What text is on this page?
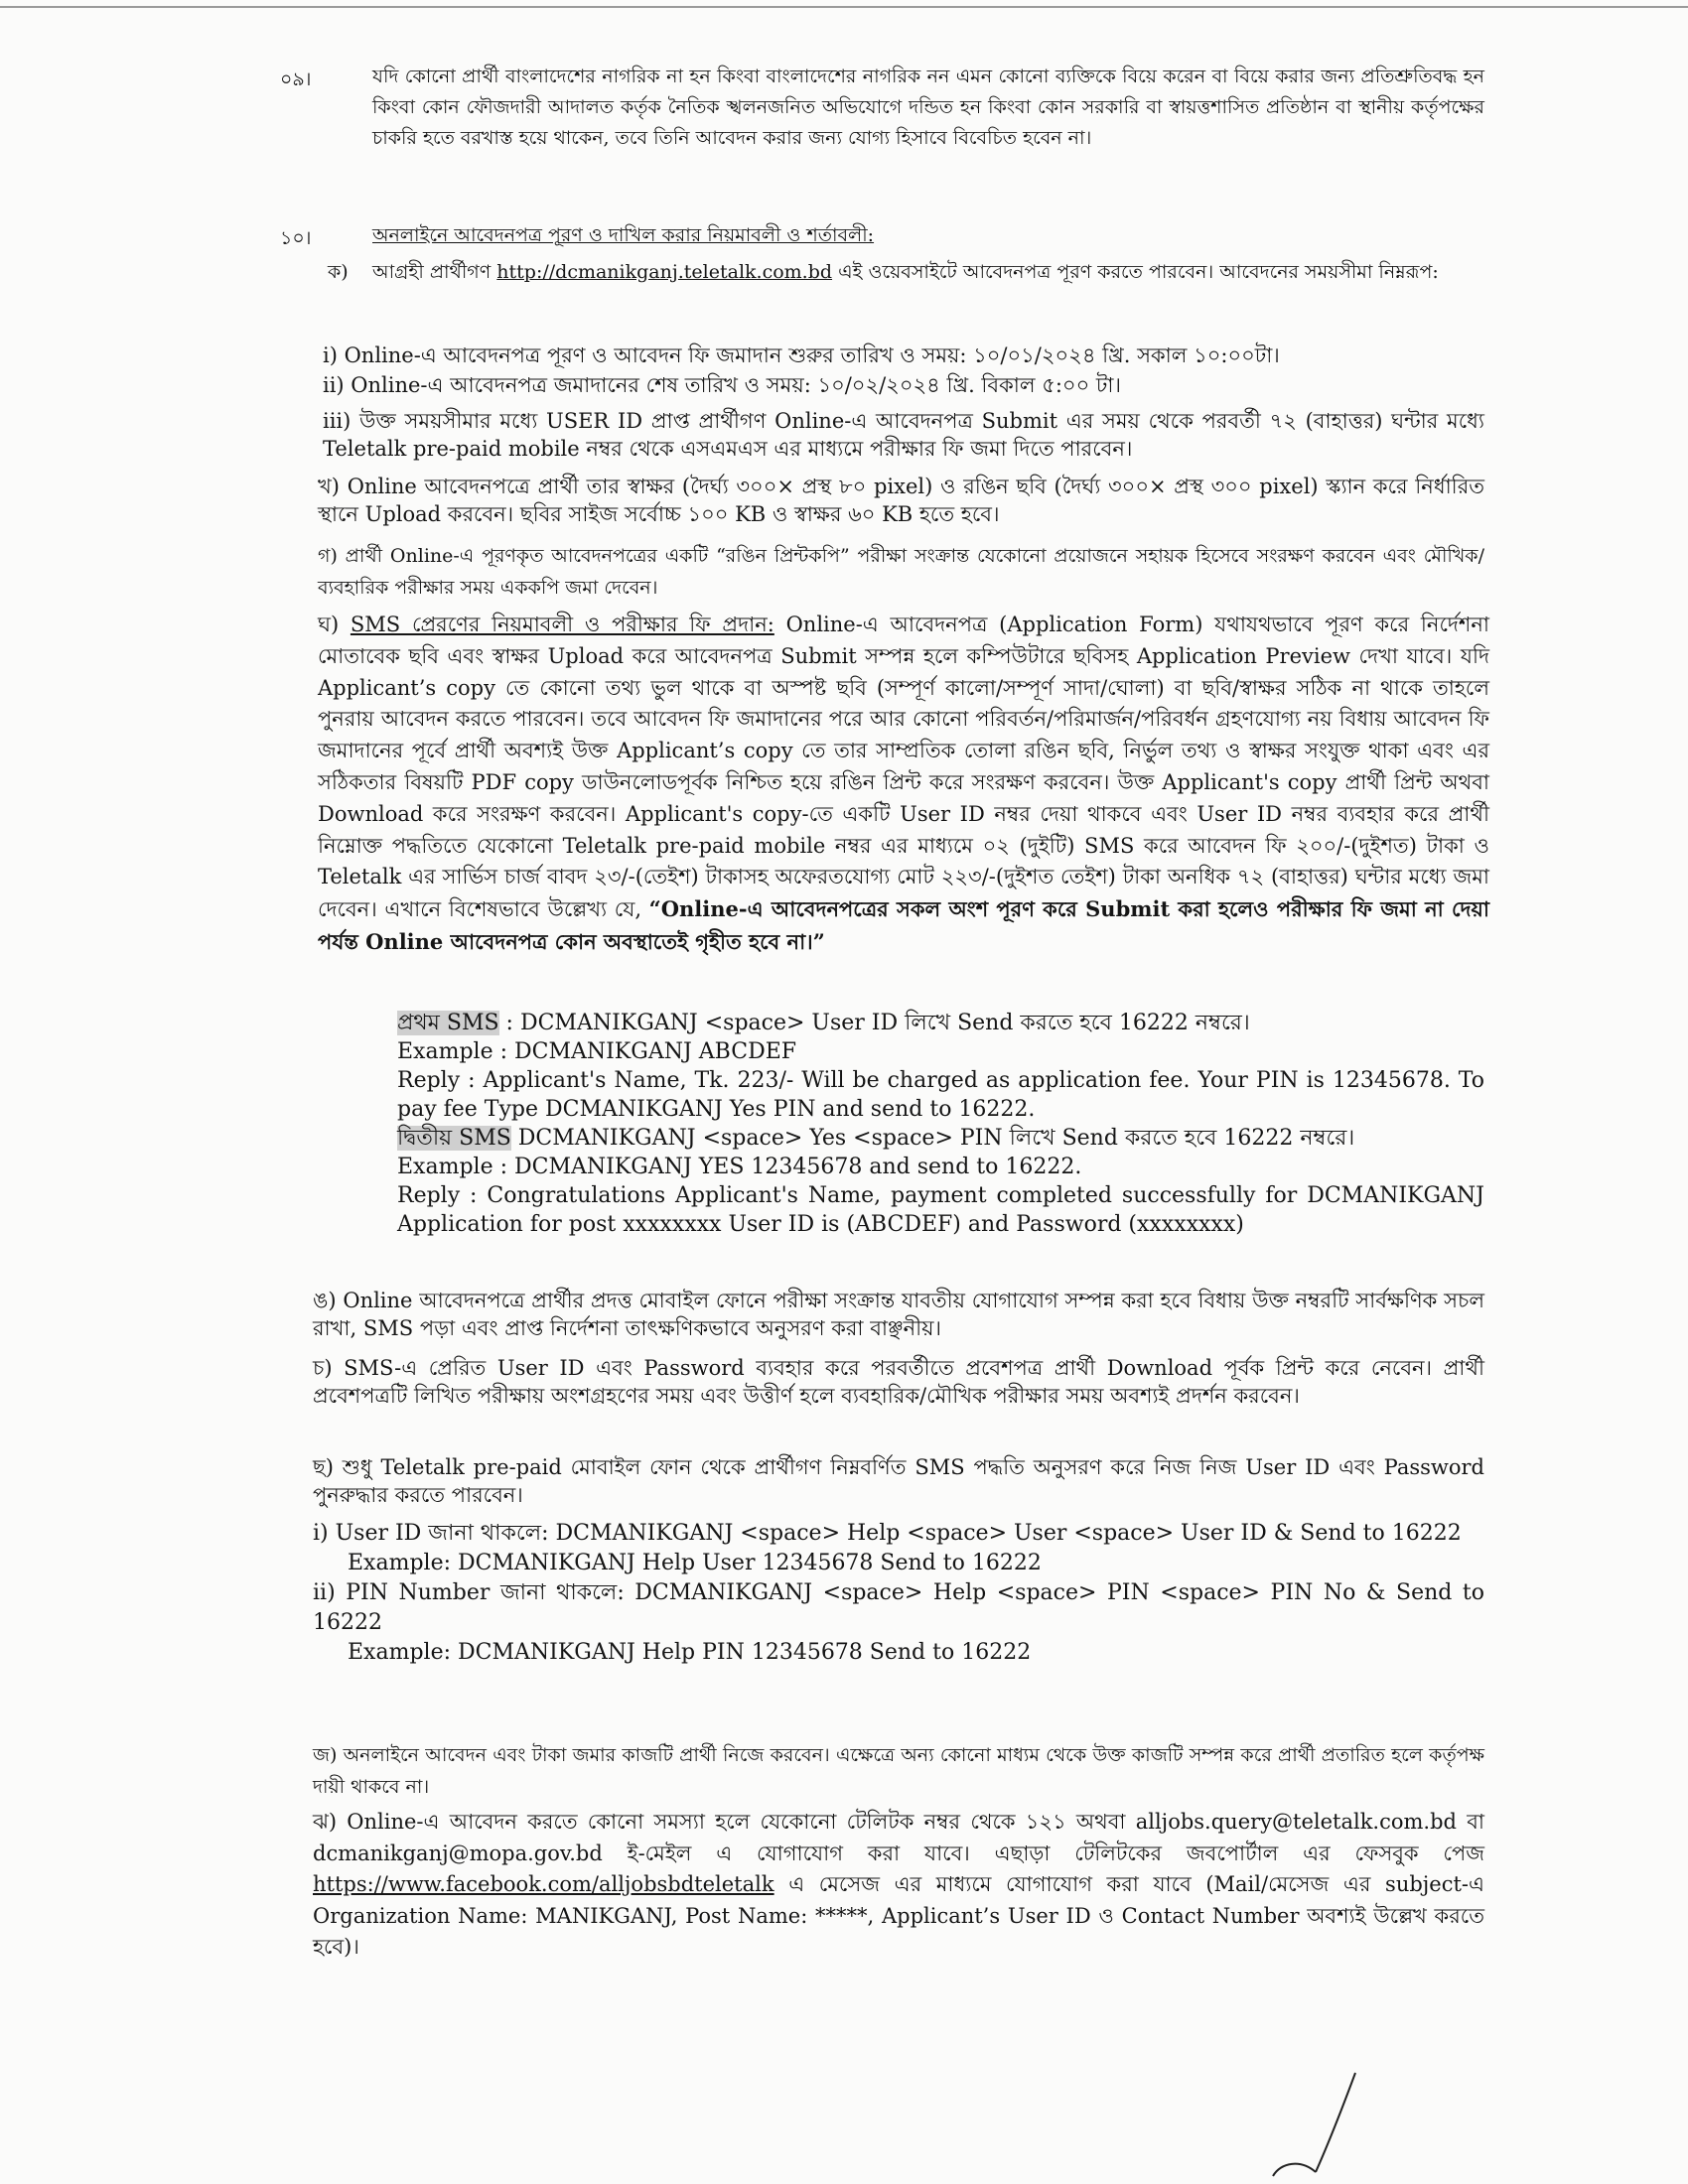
০৯।	যদি কোনো প্রার্থী বাংলাদেশের নাগরিক না হন কিংবা বাংলাদেশের নাগরিক নন এমন কোনো ব্যক্তিকে বিয়ে করেন বা বিয়ে করার জন্য প্রতিশ্রুতিবদ্ধ হন কিংবা কোন ফৌজদারী আদালত কর্তৃক নৈতিক স্খলনজনিত অভিযোগে দন্ডিত হন কিংবা কোন সরকারি বা স্বায়ত্তশাসিত প্রতিষ্ঠান বা স্থানীয় কর্তৃপক্ষের চাকরি হতে বরখাস্ত হয়ে থাকেন, তবে তিনি আবেদন করার জন্য যোগ্য হিসাবে বিবেচিত হবেন না।

১০।	অনলাইনে আবেদনপত্র পূরণ ও দাখিল করার নিয়মাবলী ও শর্তাবলী:

ক) আগ্রহী প্রার্থীগণ http://dcmanikganj.teletalk.com.bd এই ওয়েবসাইটে আবেদনপত্র পূরণ করতে পারবেন। আবেদনের সময়সীমা নিম্নরূপ:

i) Online-এ আবেদনপত্র পূরণ ও আবেদন ফি জমাদান শুরুর তারিখ ও সময়: ১০/০১/২০২৪ খ্রি. সকাল ১০:০০টা।

ii) Online-এ আবেদনপত্র জমাদানের শেষ তারিখ ও সময়: ১০/০২/২০২৪ খ্রি. বিকাল ৫:০০ টা।

iii) উক্ত সময়সীমার মধ্যে USER ID প্রাপ্ত প্রার্থীগণ Online-এ আবেদনপত্র Submit এর সময় থেকে পরবর্তী ৭২ (বাহাত্তর) ঘন্টার মধ্যে Teletalk pre-paid mobile নম্বর থেকে এসএমএস এর মাধ্যমে পরীক্ষার ফি জমা দিতে পারবেন।

খ) Online আবেদনপত্রে প্রার্থী তার স্বাক্ষর (দৈর্ঘ্য ৩০০× প্রস্থ ৮০ pixel) ও রঙিন ছবি (দৈর্ঘ্য ৩০০× প্রস্থ ৩০০ pixel) স্ক্যান করে নির্ধারিত স্থানে Upload করবেন। ছবির সাইজ সর্বোচ্চ ১০০ KB ও স্বাক্ষর ৬০ KB হতে হবে।

গ) প্রার্থী Online-এ পূরণকৃত আবেদনপত্রের একটি “রঙিন প্রিন্টকপি” পরীক্ষা সংক্রান্ত যেকোনো প্রয়োজনে সহায়ক হিসেবে সংরক্ষণ করবেন এবং মৌখিক/ব্যবহারিক পরীক্ষার সময় এককপি জমা দেবেন।

ঘ) SMS প্রেরণের নিয়মাবলী ও পরীক্ষার ফি প্রদান: Online-এ আবেদনপত্র (Application Form) যথাযথভাবে পূরণ করে নির্দেশনা মোতাবেক ছবি এবং স্বাক্ষর Upload করে আবেদনপত্র Submit সম্পন্ন হলে কম্পিউটারে ছবিসহ Application Preview দেখা যাবে। যদি Applicant’s copy তে কোনো তথ্য ভুল থাকে বা অস্পষ্ট ছবি (সম্পূর্ণ কালো/সম্পূর্ণ সাদা/ঘোলা) বা ছবি/স্বাক্ষর সঠিক না থাকে তাহলে পুনরায় আবেদন করতে পারবেন। তবে আবেদন ফি জমাদানের পরে আর কোনো পরিবর্তন/পরিমার্জন/পরিবর্ধন গ্রহণযোগ্য নয় বিধায় আবেদন ফি জমাদানের পূর্বে প্রার্থী অবশ্যই উক্ত Applicant’s copy তে তার সাম্প্রতিক তোলা রঙিন ছবি, নির্ভুল তথ্য ও স্বাক্ষর সংযুক্ত থাকা এবং এর সঠিকতার বিষয়টি PDF copy ডাউনলোডপূর্বক নিশ্চিত হয়ে রঙিন প্রিন্ট করে সংরক্ষণ করবেন। উক্ত Applicant's copy প্রার্থী প্রিন্ট অথবা Download করে সংরক্ষণ করবেন। Applicant's copy-তে একটি User ID নম্বর দেয়া থাকবে এবং User ID নম্বর ব্যবহার করে প্রার্থী নিম্নোক্ত পদ্ধতিতে যেকোনো Teletalk pre-paid mobile নম্বর এর মাধ্যমে ০২ (দুইটি) SMS করে আবেদন ফি ২০০/-(দুইশত) টাকা ও Teletalk এর সার্ভিস চার্জ বাবদ ২৩/-(তেইশ) টাকাসহ অফেরতযোগ্য মোট ২২৩/-(দুইশত তেইশ) টাকা অনধিক ৭২ (বাহাত্তর) ঘন্টার মধ্যে জমা দেবেন। এখানে বিশেষভাবে উল্লেখ্য যে, “Online-এ আবেদনপত্রের সকল অংশ পূরণ করে Submit করা হলেও পরীক্ষার ফি জমা না দেয়া পর্যন্ত Online আবেদনপত্র কোন অবস্থাতেই গৃহীত হবে না।”

প্রথম SMS : DCMANIKGANJ <space> User ID লিখে Send করতে হবে 16222 নম্বরে।
Example : DCMANIKGANJ ABCDEF
Reply : Applicant's Name, Tk. 223/- Will be charged as application fee. Your PIN is 12345678. To pay fee Type DCMANIKGANJ Yes PIN and send to 16222.
দ্বিতীয় SMS DCMANIKGANJ <space> Yes <space> PIN লিখে Send করতে হবে 16222 নম্বরে।
Example : DCMANIKGANJ YES 12345678 and send to 16222.
Reply : Congratulations Applicant's Name, payment completed successfully for DCMANIKGANJ Application for post xxxxxxxx User ID is (ABCDEF) and Password (xxxxxxxx)

ঙ) Online আবেদনপত্রে প্রার্থীর প্রদত্ত মোবাইল ফোনে পরীক্ষা সংক্রান্ত যাবতীয় যোগাযোগ সম্পন্ন করা হবে বিধায় উক্ত নম্বরটি সার্বক্ষণিক সচল রাখা, SMS পড়া এবং প্রাপ্ত নির্দেশনা তাৎক্ষণিকভাবে অনুসরণ করা বাঞ্ছনীয়।

চ) SMS-এ প্রেরিত User ID এবং Password ব্যবহার করে পরবর্তীতে প্রবেশপত্র প্রার্থী Download পূর্বক প্রিন্ট করে নেবেন। প্রার্থী প্রবেশপত্রটি লিখিত পরীক্ষায় অংশগ্রহণের সময় এবং উত্তীর্ণ হলে ব্যবহারিক/মৌখিক পরীক্ষার সময় অবশ্যই প্রদর্শন করবেন।

ছ) শুধু Teletalk pre-paid মোবাইল ফোন থেকে প্রার্থীগণ নিম্নবর্ণিত SMS পদ্ধতি অনুসরণ করে নিজ নিজ User ID এবং Password পুনরুদ্ধার করতে পারবেন।

i) User ID জানা থাকলে: DCMANIKGANJ <space> Help <space> User <space> User ID & Send to 16222
Example: DCMANIKGANJ Help User 12345678 Send to 16222
ii) PIN Number জানা থাকলে: DCMANIKGANJ <space> Help <space> PIN <space> PIN No & Send to 16222
Example: DCMANIKGANJ Help PIN 12345678 Send to 16222

জ) অনলাইনে আবেদন এবং টাকা জমার কাজটি প্রার্থী নিজে করবেন। এক্ষেত্রে অন্য কোনো মাধ্যম থেকে উক্ত কাজটি সম্পন্ন করে প্রার্থী প্রতারিত হলে কর্তৃপক্ষ দায়ী থাকবে না।

ঝ) Online-এ আবেদন করতে কোনো সমস্যা হলে যেকোনো টেলিটক নম্বর থেকে ১২১ অথবা alljobs.query@teletalk.com.bd বা dcmanikganj@mopa.gov.bd ই-মেইল এ যোগাযোগ করা যাবে। এছাড়া টেলিটকের জবপোর্টাল এর ফেসবুক পেজ https://www.facebook.com/alljobsbdteletalk এ মেসেজ এর মাধ্যমে যোগাযোগ করা যাবে (Mail/মেসেজ এর subject-এ Organization Name: MANIKGANJ, Post Name: *****, Applicant’s User ID ও Contact Number অবশ্যই উল্লেখ করতে হবে)।
